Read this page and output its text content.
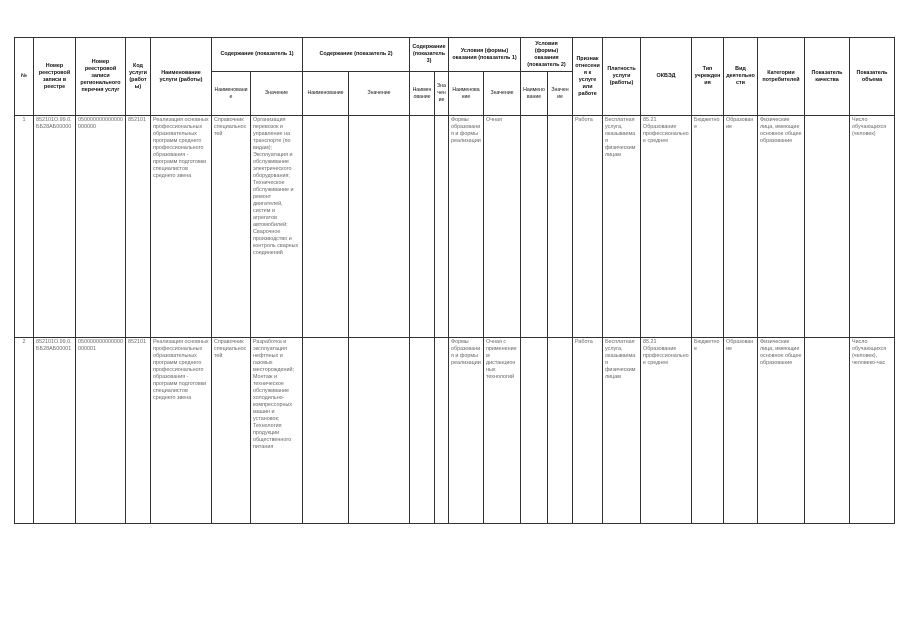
№	Номер реестровой записи в реестре	Номер реестровой записи регионального перечня услуг	Код услуги (работы)	Наименование услуги (работы)	Содержание (показатель 1)		Содержание (показатель 2)		Содержание (показатель 3)		Условия (формы) оказания (показатель 1)		Условия (формы) оказания (показатель 2)		Признак отнесения к услуге или работе	Платность услуги (работы)	ОКВЭД	Тип учреждения	Вид деятельности	Категории потребителей	Показатель качества	Показатель объема
					Наименование	Значение	Наименование	Значение	Наименование	Значение	Наименование	Значение	Наименование	Значение								
1	852101О.99.0.ББ28АБ00000	050000000000000000000	852101	Реализация основных профессиональных образовательных программ среднего профессионального образования - программ подготовки специалистов среднего звена	Справочник специальностей	Организация перевозок и управление на транспорте (по видам); Эксплуатация и обслуживание электрического оборудования; Техническое обслуживание и ремонт двигателей, систем и агрегатов автомобилей; Сварочное производство и контроль сварных соединений					Формы образования и формы реализации	Очная			Работа	Бесплатная услуга, оказываемая физическим лицам	85.21 Образование профессиональное среднее	Бюджетное	Образование	Физические лица, имеющие основное общее образование		Число обучающихся (человек)
2	852101О.99.0.ББ28АБ00001	050000000000000000001	852101	Реализация основных профессиональных образовательных программ среднего профессионального образования - программ подготовки специалистов среднего звена	Справочник специальностей	Разработка и эксплуатация нефтяных и газовых месторождений; Монтаж и техническое обслуживание холодильно-компрессорных машин и установок; Технология продукции общественного питания					Формы образования и формы реализации	Очная с применением дистанционных технологий			Работа	Бесплатная услуга, оказываемая физическим лицам	85.21 Образование профессиональное среднее	Бюджетное	Образование	Физические лица, имеющие основное общее образование		Число обучающихся (человек), человеко-час
